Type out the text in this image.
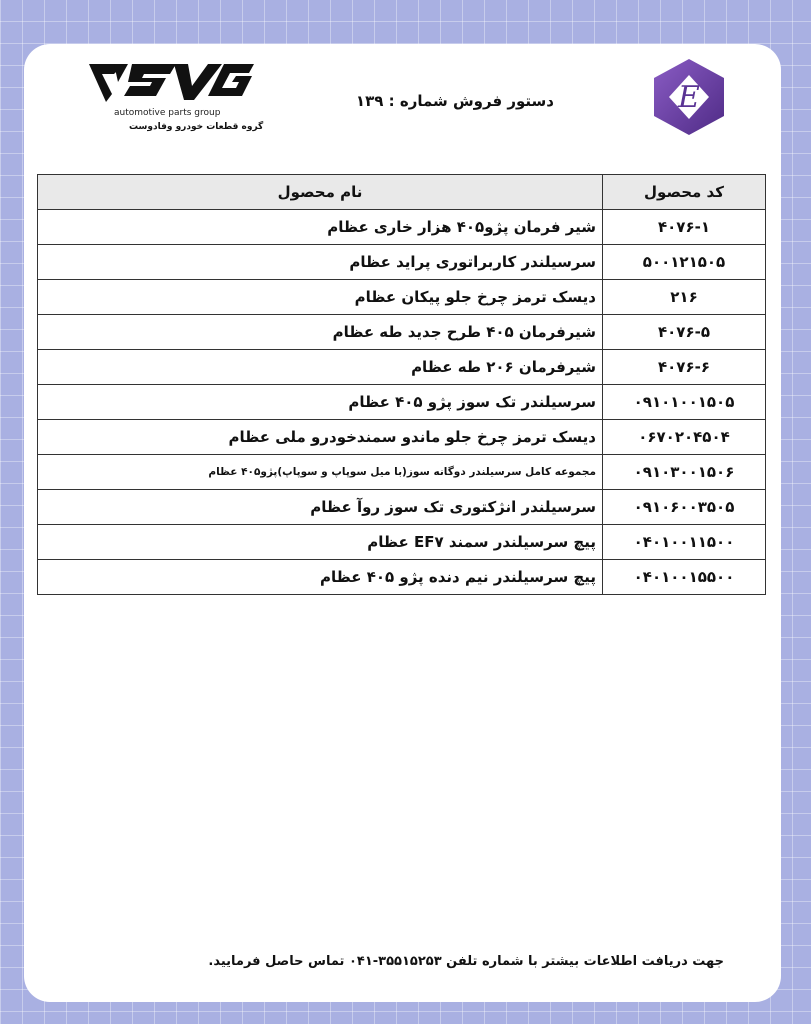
automotive parts group
گروه قطعات خودرو وفادوست
دستور فروش شماره : ۱۳۹	E
کد محصول	نام محصول
۴۰۷۶-۱	شیر فرمان پژو۴۰۵ هزار خاری عظام
۵۰۰۱۲۱۵۰۵	سرسیلندر کاربراتوری پراید عظام
۲۱۶	دیسک ترمز چرخ جلو پیکان عظام
۴۰۷۶-۵	شیرفرمان ۴۰۵ طرح جدید طه عظام
۴۰۷۶-۶	شیرفرمان ۲۰۶ طه عظام
۰۹۱۰۱۰۰۱۵۰۵	سرسیلندر تک سوز پژو ۴۰۵ عظام
۰۶۷۰۲۰۴۵۰۴	دیسک ترمز چرخ جلو ماندو سمندخودرو ملی عظام
۰۹۱۰۳۰۰۱۵۰۶	مجموعه کامل سرسیلندر دوگانه سوز(با میل سوپاپ و سوپاپ)پژو۴۰۵ عظام
۰۹۱۰۶۰۰۳۵۰۵	سرسیلندر انژکتوری تک سوز روآ عظام
۰۴۰۱۰۰۱۱۵۰۰	پیچ سرسیلندر سمند EF۷ عظام
۰۴۰۱۰۰۱۵۵۰۰	پیچ سرسیلندر نیم دنده پژو ۴۰۵ عظام
جهت دریافت اطلاعات بیشتر با شماره تلفن ۳۵۵۱۵۲۵۳-۰۴۱ تماس حاصل فرمایید.
